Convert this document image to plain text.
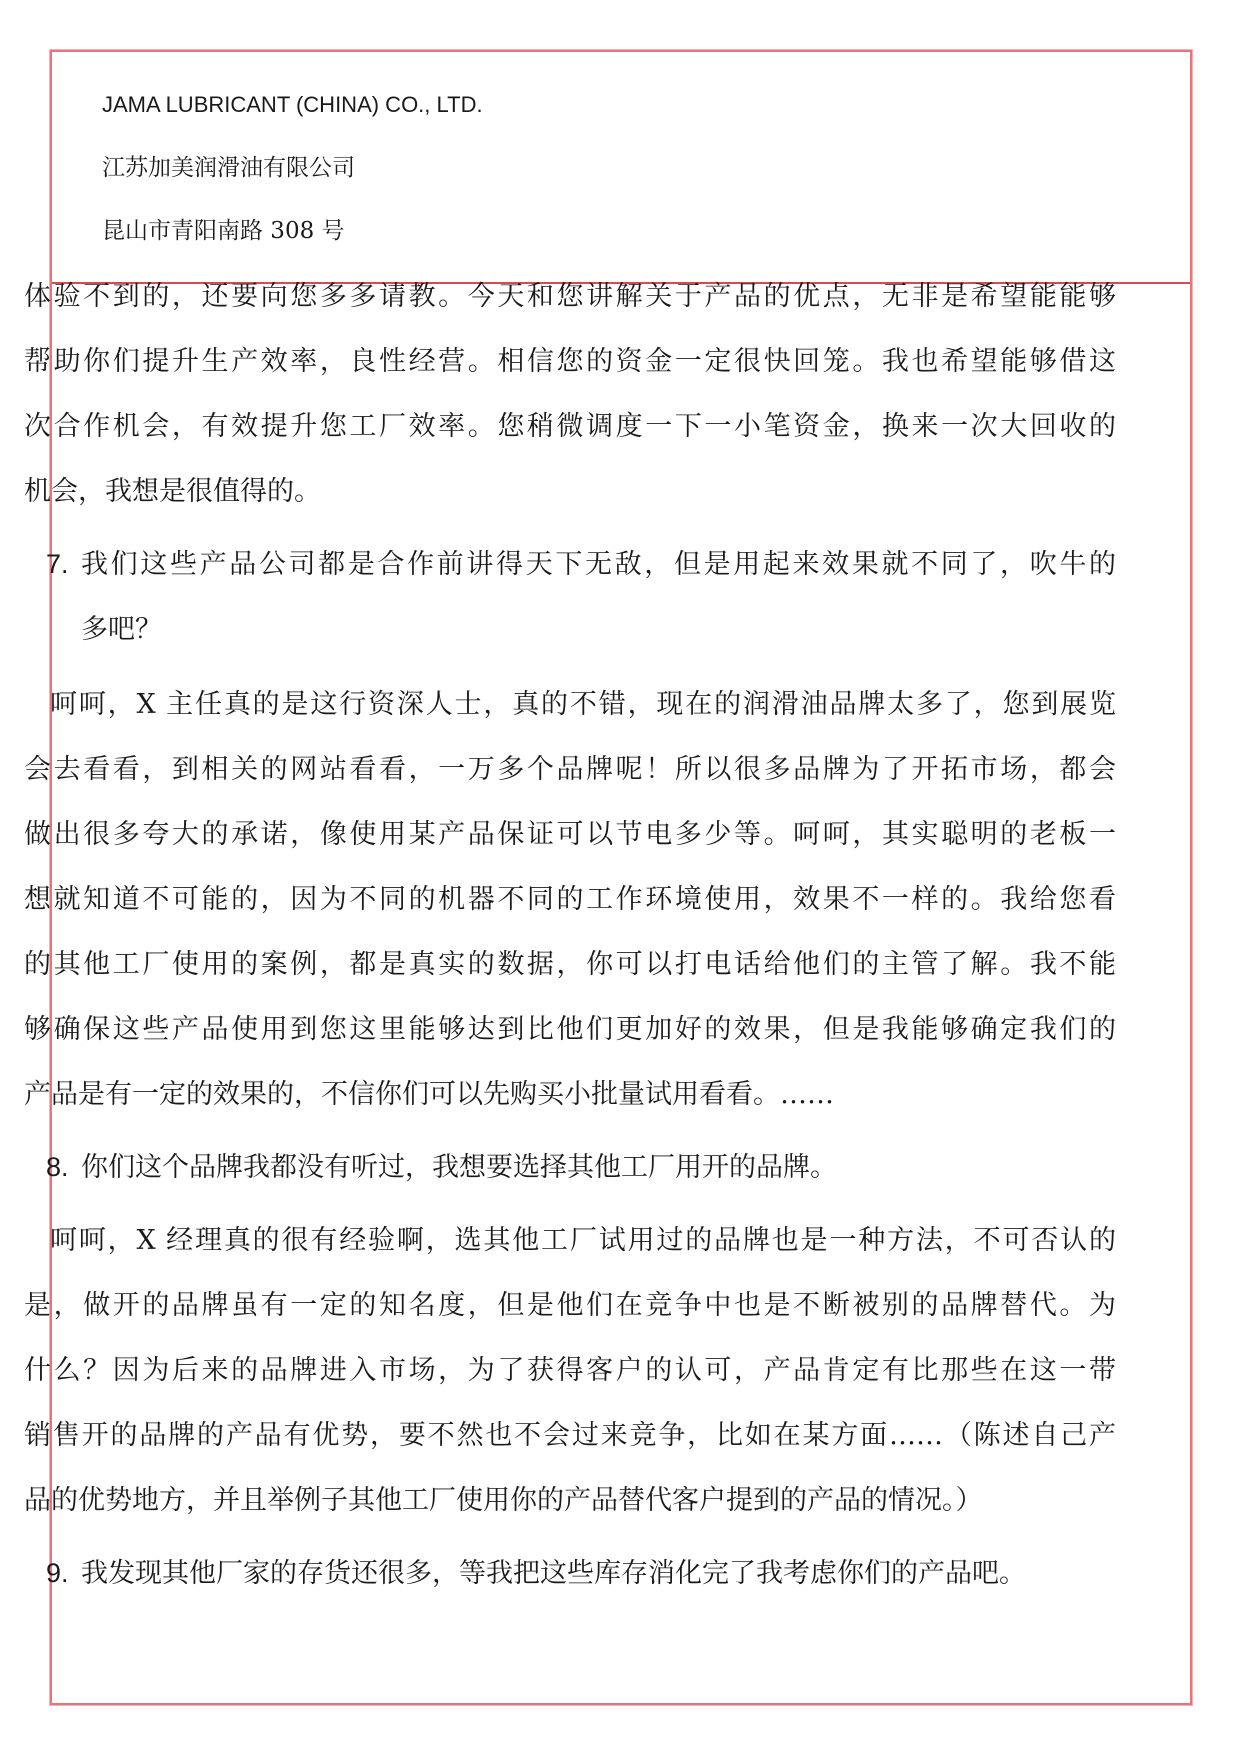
JAMA LUBRICANT (CHINA) CO., LTD.
江苏加美润滑油有限公司
昆山市青阳南路 308 号
体验不到的，还要向您多多请教。今天和您讲解关于产品的优点，无非是希望能能够
帮助你们提升生产效率，良性经营。相信您的资金一定很快回笼。我也希望能够借这
次合作机会，有效提升您工厂效率。您稍微调度一下一小笔资金，换来一次大回收的
机会，我想是很值得的。
7. 我们这些产品公司都是合作前讲得天下无敌，但是用起来效果就不同了，吹牛的
多吧？
呵呵，X 主任真的是这行资深人士，真的不错，现在的润滑油品牌太多了，您到展览
会去看看，到相关的网站看看，一万多个品牌呢！所以很多品牌为了开拓市场，都会
做出很多夸大的承诺，像使用某产品保证可以节电多少等。呵呵，其实聪明的老板一
想就知道不可能的，因为不同的机器不同的工作环境使用，效果不一样的。我给您看
的其他工厂使用的案例，都是真实的数据，你可以打电话给他们的主管了解。我不能
够确保这些产品使用到您这里能够达到比他们更加好的效果，但是我能够确定我们的
产品是有一定的效果的，不信你们可以先购买小批量试用看看。……
8. 你们这个品牌我都没有听过，我想要选择其他工厂用开的品牌。
呵呵，X 经理真的很有经验啊，选其他工厂试用过的品牌也是一种方法，不可否认的
是，做开的品牌虽有一定的知名度，但是他们在竞争中也是不断被别的品牌替代。为
什么？因为后来的品牌进入市场，为了获得客户的认可，产品肯定有比那些在这一带
销售开的品牌的产品有优势，要不然也不会过来竞争，比如在某方面……（陈述自己产
品的优势地方，并且举例子其他工厂使用你的产品替代客户提到的产品的情况。）
9. 我发现其他厂家的存货还很多，等我把这些库存消化完了我考虑你们的产品吧。
